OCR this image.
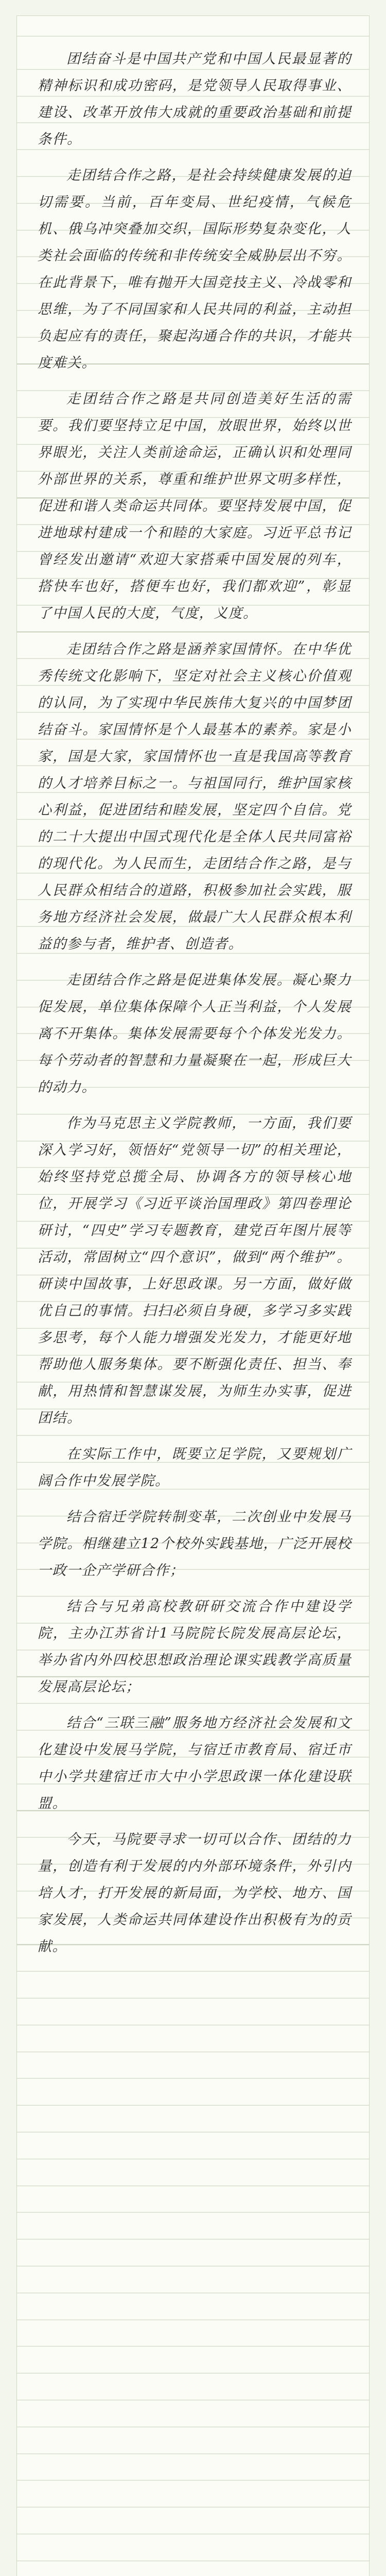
团结奋斗是中国共产党和中国人民最显著的精神标识和成功密码，是党领导人民取得事业、建设、改革开放伟大成就的重要政治基础和前提条件。

走团结合作之路，是社会持续健康发展的迫切需要。当前，百年变局、世纪疫情，气候危机、俄乌冲突叠加交织，国际形势复杂变化，人类社会面临的传统和非传统安全威胁层出不穷。在此背景下，唯有抛开大国竞技主义、冷战零和思维，为了不同国家和人民共同的利益，主动担负起应有的责任，聚起沟通合作的共识，才能共度难关。

走团结合作之路是共同创造美好生活的需要。我们要坚持立足中国，放眼世界，始终以世界眼光，关注人类前途命运，正确认识和处理同外部世界的关系，尊重和维护世界文明多样性，促进和谐人类命运共同体。要坚持发展中国，促进地球村建成一个和睦的大家庭。习近平总书记曾经发出邀请“欢迎大家搭乘中国发展的列车，搭快车也好，搭便车也好，我们都欢迎”，彰显了中国人民的大度，气度，义度。

走团结合作之路是涵养家国情怀。在中华优秀传统文化影响下，坚定对社会主义核心价值观的认同，为了实现中华民族伟大复兴的中国梦团结奋斗。家国情怀是个人最基本的素养。家是小家，国是大家，家国情怀也一直是我国高等教育的人才培养目标之一。与祖国同行，维护国家核心利益，促进团结和睦发展，坚定四个自信。党的二十大提出中国式现代化是全体人民共同富裕的现代化。为人民而生，走团结合作之路，是与人民群众相结合的道路，积极参加社会实践，服务地方经济社会发展，做最广大人民群众根本利益的参与者，维护者、创造者。

走团结合作之路是促进集体发展。凝心聚力促发展，单位集体保障个人正当利益，个人发展离不开集体。集体发展需要每个个体发光发力。每个劳动者的智慧和力量凝聚在一起，形成巨大的动力。

作为马克思主义学院教师，一方面，我们要深入学习好，领悟好“党领导一切”的相关理论，始终坚持党总揽全局、协调各方的领导核心地位，开展学习《习近平谈治国理政》第四卷理论研讨，“四史”学习专题教育，建党百年图片展等活动，常固树立“四个意识”，做到“两个维护”。研读中国故事，上好思政课。另一方面，做好做优自己的事情。扫扫必须自身硬，多学习多实践多思考，每个人能力增强发光发力，才能更好地帮助他人服务集体。要不断强化责任、担当、奉献，用热情和智慧谋发展，为师生办实事，促进团结。

在实际工作中，既要立足学院，又要规划广阔合作中发展学院。

结合宿迁学院转制变革，二次创业中发展马学院。相继建立12个校外实践基地，广泛开展校一政一企产学研合作；

结合与兄弟高校教研研交流合作中建设学院，主办江苏省计1马院院长院发展高层论坛，举办省内外四校思想政治理论课实践教学高质量发展高层论坛；

结合“三联三融”服务地方经济社会发展和文化建设中发展马学院，与宿迁市教育局、宿迁市中小学共建宿迁市大中小学思政课一体化建设联盟。

今天，马院要寻求一切可以合作、团结的力量，创造有利于发展的内外部环境条件，外引内培人才，打开发展的新局面，为学校、地方、国家发展，人类命运共同体建设作出积极有为的贡献。
